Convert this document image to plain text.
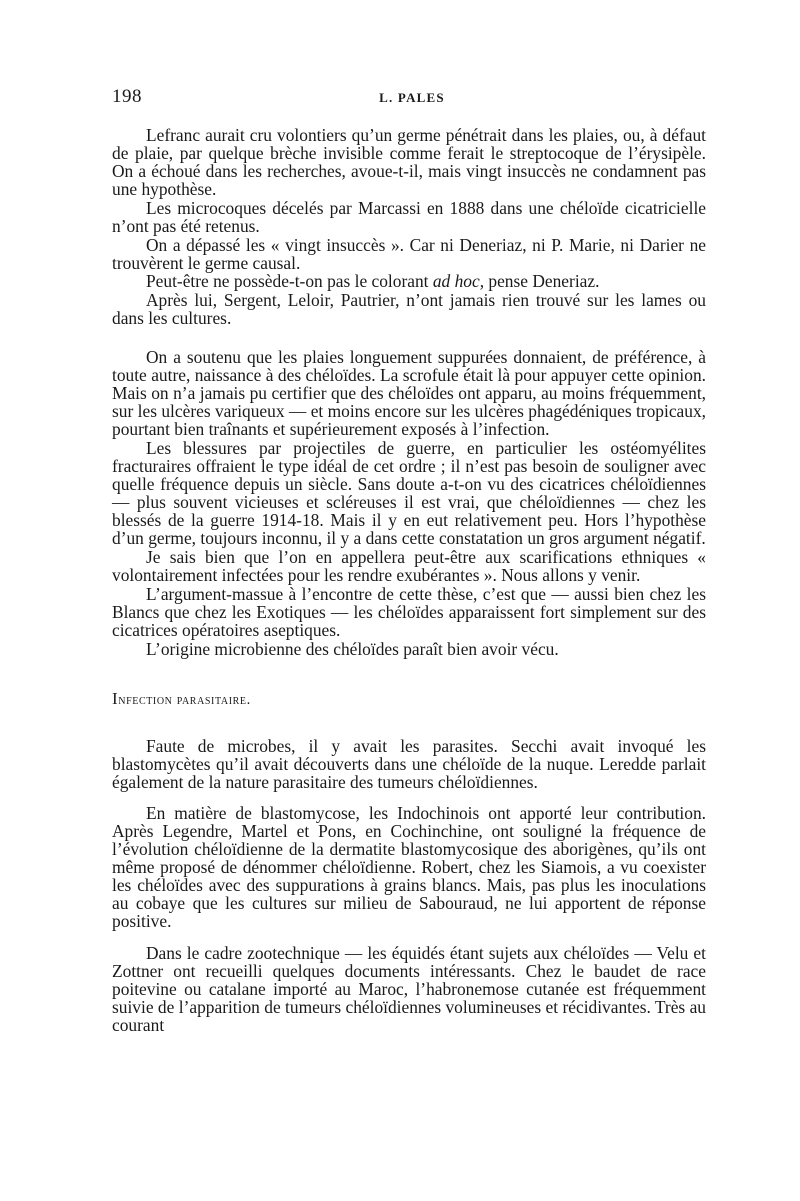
198	L. PALES

Lefranc aurait cru volontiers qu’un germe pénétrait dans les plaies, ou, à défaut de plaie, par quelque brèche invisible comme ferait le streptocoque de l’érysipèle. On a échoué dans les recherches, avoue-t-il, mais vingt insuccès ne condamnent pas une hypothèse.

Les microcoques décelés par Marcassi en 1888 dans une chéloïde cicatricielle n’ont pas été retenus.

On a dépassé les « vingt insuccès ». Car ni Deneriaz, ni P. Marie, ni Darier ne trouvèrent le germe causal.

Peut-être ne possède-t-on pas le colorant ad hoc, pense Deneriaz.

Après lui, Sergent, Leloir, Pautrier, n’ont jamais rien trouvé sur les lames ou dans les cultures.

On a soutenu que les plaies longuement suppurées donnaient, de préférence, à toute autre, naissance à des chéloïdes. La scrofule était là pour appuyer cette opinion. Mais on n’a jamais pu certifier que des chéloïdes ont apparu, au moins fréquemment, sur les ulcères variqueux — et moins encore sur les ulcères phagédéniques tropicaux, pourtant bien traînants et supérieurement exposés à l’infection.

Les blessures par projectiles de guerre, en particulier les ostéomyélites fracturaires offraient le type idéal de cet ordre ; il n’est pas besoin de souligner avec quelle fréquence depuis un siècle. Sans doute a-t-on vu des cicatrices chéloïdiennes — plus souvent vicieuses et scléreuses il est vrai, que chéloïdiennes — chez les blessés de la guerre 1914-18. Mais il y en eut relativement peu. Hors l’hypothèse d’un germe, toujours inconnu, il y a dans cette constatation un gros argument négatif.

Je sais bien que l’on en appellera peut-être aux scarifications ethniques « volontairement infectées pour les rendre exubérantes ». Nous allons y venir.

L’argument-massue à l’encontre de cette thèse, c’est que — aussi bien chez les Blancs que chez les Exotiques — les chéloïdes apparaissent fort simplement sur des cicatrices opératoires aseptiques.

L’origine microbienne des chéloïdes paraît bien avoir vécu.

Infection parasitaire.

Faute de microbes, il y avait les parasites. Secchi avait invoqué les blastomycètes qu’il avait découverts dans une chéloïde de la nuque. Leredde parlait également de la nature parasitaire des tumeurs chéloïdiennes.

En matière de blastomycose, les Indochinois ont apporté leur contribution. Après Legendre, Martel et Pons, en Cochinchine, ont souligné la fréquence de l’évolution chéloïdienne de la dermatite blastomycosique des aborigènes, qu’ils ont même proposé de dénommer chéloïdienne. Robert, chez les Siamois, a vu coexister les chéloïdes avec des suppurations à grains blancs. Mais, pas plus les inoculations au cobaye que les cultures sur milieu de Sabouraud, ne lui apportent de réponse positive.

Dans le cadre zootechnique — les équidés étant sujets aux chéloïdes — Velu et Zottner ont recueilli quelques documents intéressants. Chez le baudet de race poitevine ou catalane importé au Maroc, l’habronemose cutanée est fréquemment suivie de l’apparition de tumeurs chéloïdiennes volumineuses et récidivantes. Très au courant
